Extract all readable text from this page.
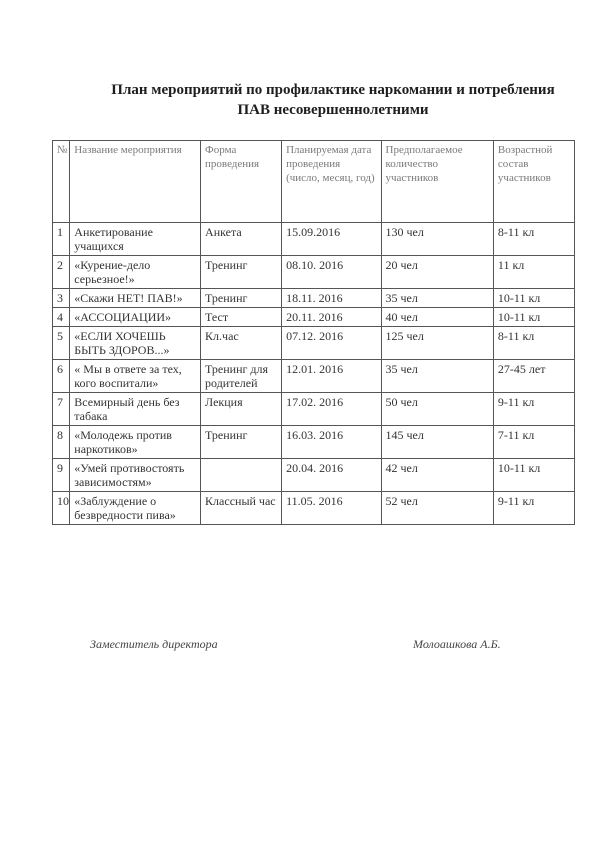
План мероприятий по профилактике наркомании и потребления ПАВ несовершеннолетними
№	Название мероприятия	Форма проведения	Планируемая дата проведения (число, месяц, год)	Предполагаемое количество участников	Возрастной состав участников
1	Анкетирование учащихся	Анкета	15.09.2016	130 чел	8-11 кл
2	«Курение-дело серьезное!»	Тренинг	08.10. 2016	20 чел	11 кл
3	«Скажи НЕТ! ПАВ!»	Тренинг	18.11. 2016	35 чел	10-11 кл
4	«АССОЦИАЦИИ»	Тест	20.11. 2016	40 чел	10-11 кл
5	«ЕСЛИ ХОЧЕШЬ БЫТЬ ЗДОРОВ...»	Кл.час	07.12. 2016	125 чел	8-11 кл
6	« Мы в ответе за тех, кого воспитали»	Тренинг для родителей	12.01. 2016	35 чел	27-45 лет
7	Всемирный день без табака	Лекция	17.02. 2016	50 чел	9-11 кл
8	«Молодежь против наркотиков»	Тренинг	16.03. 2016	145 чел	7-11 кл
9	«Умей противостоять зависимостям»		20.04. 2016	42 чел	10-11 кл
10	«Заблуждение о безвредности пива»	Классный час	11.05. 2016	52 чел	9-11 кл
Заместитель директора	Молоашкова А.Б.
